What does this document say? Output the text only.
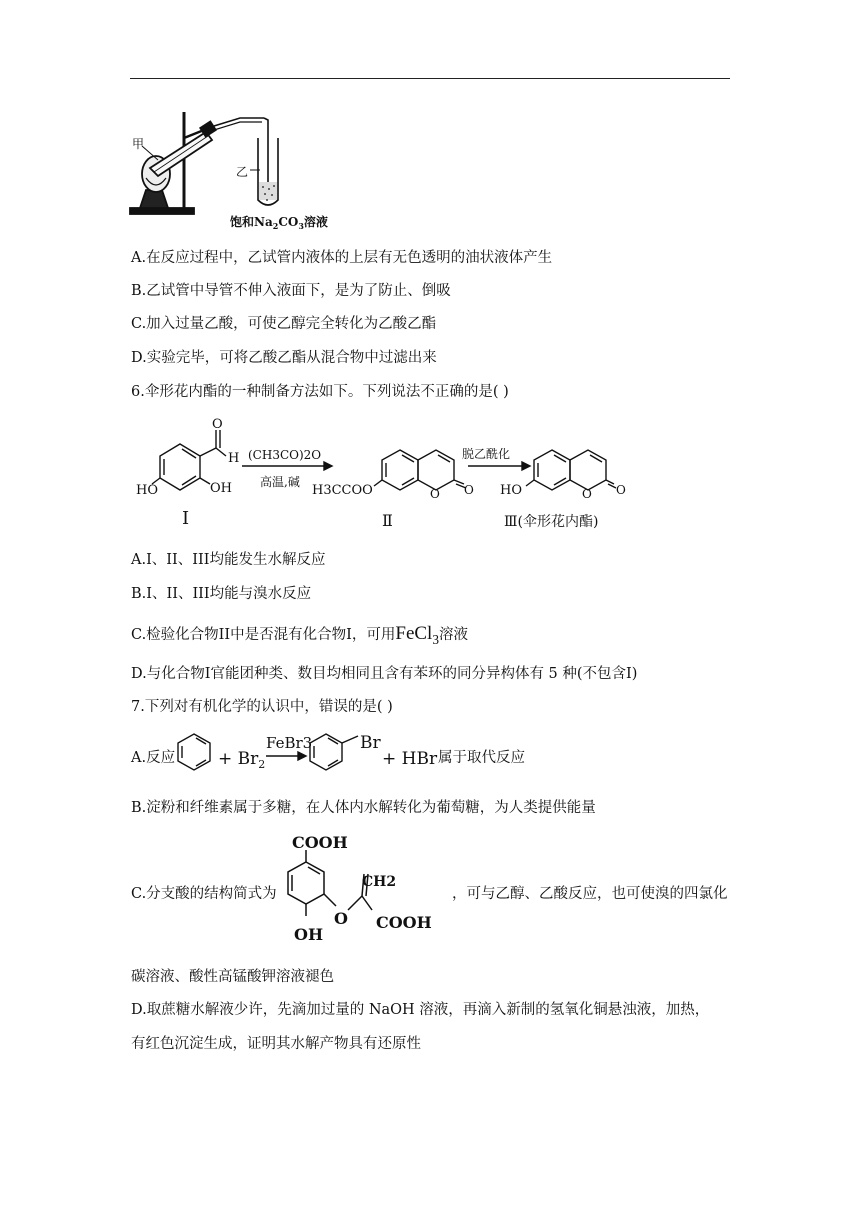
甲
乙
饱和$Na_2CO_3$溶液
A.在反应过程中，乙试管内液体的上层有无色透明的油状液体产生
B.乙试管中导管不伸入液面下，是为了防止、倒吸
C.加入过量乙酸，可使乙醇完全转化为乙酸乙酯
D.实验完毕，可将乙酸乙酯从混合物中过滤出来
6.伞形花内酯的一种制备方法如下。下列说法不正确的是( )
HO	OH
H
O
(CH3CO)2O
高温,碱
H3CCOO	O O
脱乙酰化
HO	O O
I	Ⅱ	Ⅲ(伞形花内酯)
A.I、II、III均能发生水解反应
B.I、II、III均能与溴水反应
C.检验化合物II中是否混有化合物I，可用FeCl$_3$溶液
D.与化合物I官能团种类、数目均相同且含有苯环的同分异构体有 5 种(不包含I)
7.下列对有机化学的认识中，错误的是( )
A.反应	+ $Br_2$
FeBr3	Br
+ HBr 属于取代反应
B.淀粉和纤维素属于多糖，在人体内水解转化为葡萄糖，为人类提供能量
C.分支酸的结构简式为
COOH
CH2
O COOH
OH
，可与乙醇、乙酸反应，也可使溴的四氯化
碳溶液、酸性高锰酸钾溶液褪色
D.取蔗糖水解液少许，先滴加过量的 NaOH 溶液，再滴入新制的氢氧化铜悬浊液，加热，
有红色沉淀生成，证明其水解产物具有还原性
